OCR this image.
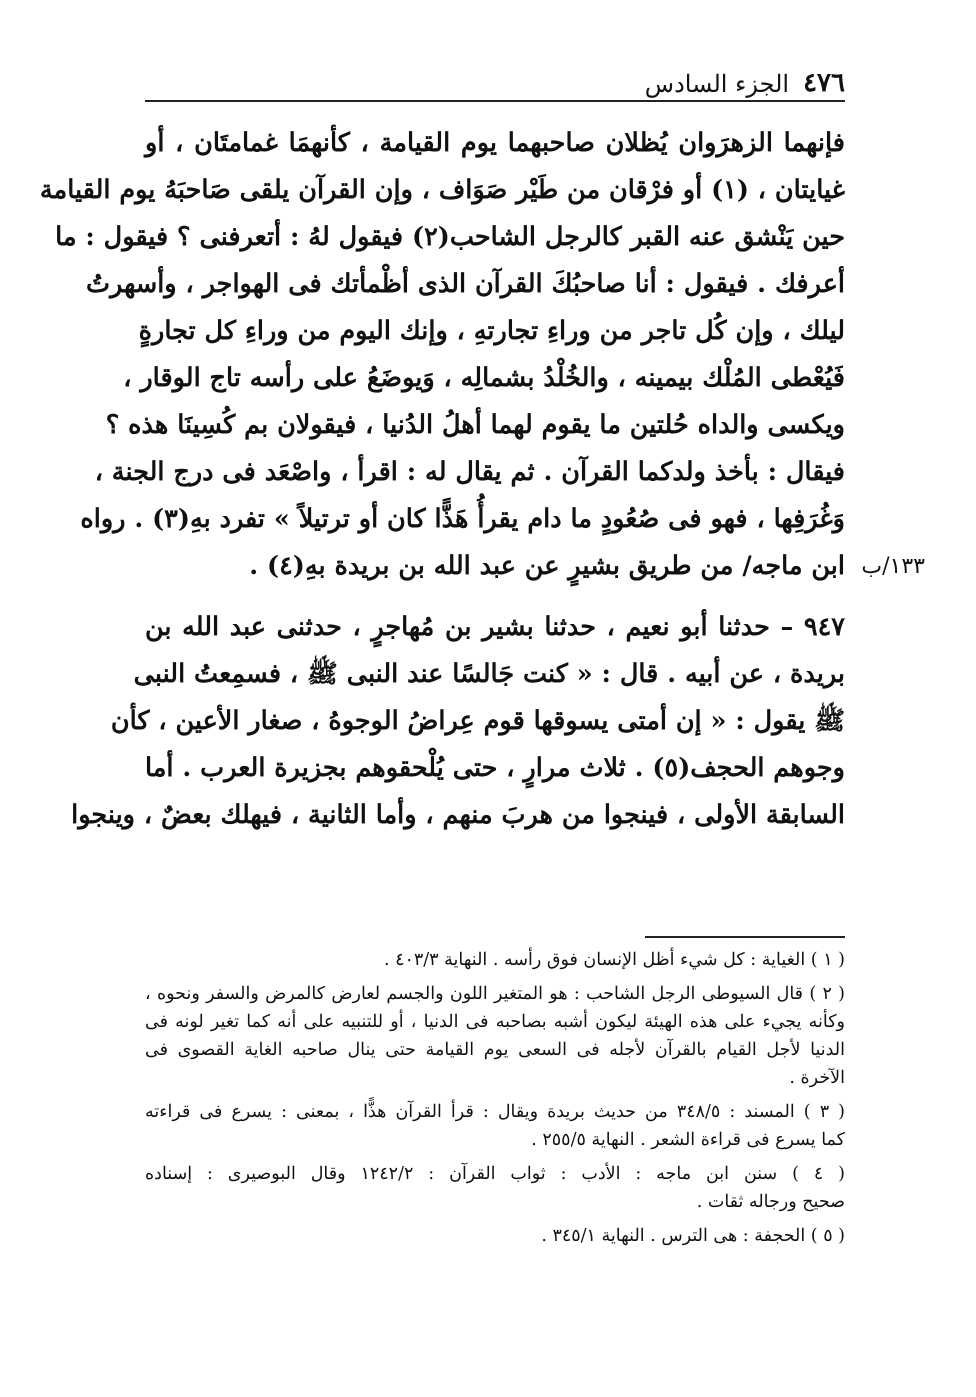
٤٧٦
الجزء السادس
فإنهما الزهرَوان يُظلان صاحبهما يوم القيامة ، كأنهمَا غمامتَان ، أو
غيايتان ، (١) أو فرْقان من طَيْر صَوَاف ، وإن القرآن يلقى صَاحبَهُ يوم القيامة
حين يَنْشق عنه القبر كالرجل الشاحب(٢) فيقول لهُ : أتعرفنى ؟ فيقول : ما
أعرفك . فيقول : أنا صاحبُكَ القرآن الذى أظْمأتك فى الهواجر ، وأسهرتُ
ليلك ، وإن كُل تاجر من وراءِ تجارتهِ ، وإنك اليوم من وراءِ كل تجارةٍ
فَيُعْطى المُلْك بيمينه ، والخُلْدُ بشمالِه ، وَيوضَعُ على رأسه تاج الوقار ،
ويكسى والداه حُلتين ما يقوم لهما أهلُ الدُنيا ، فيقولان بم كُسِينَا هذه ؟
فيقال : بأخذ ولدكما القرآن . ثم يقال له : اقرأ ، واصْعَد فى درج الجنة ،
وَغُرَفِها ، فهو فى صُعُودٍ ما دام يقرأُ هَذًّا كان أو ترتيلاً » تفرد بهِ(٣) . رواه
ابن ماجه/ من طريق بشيرٍ عن عبد الله بن بريدة بهِ(٤) . ١٣٣/ب
٩٤٧ – حدثنا أبو نعيم ، حدثنا بشير بن مُهاجرٍ ، حدثنى عبد الله بن
بريدة ، عن أبيه . قال : « كنت جَالسًا عند النبى ﷺ ، فسمِعتُ النبى
ﷺ يقول : « إن أمتى يسوقها قوم عِراضُ الوجوهُ ، صغار الأعين ، كأن
وجوهم الحجف(٥) . ثلاث مرارٍ ، حتى يُلْحقوهم بجزيرة العرب . أما
السابقة الأولى ، فينجوا من هربَ منهم ، وأما الثانية ، فيهلك بعضٌ ، وينجوا
( ١ ) الغياية : كل شيء أظل الإنسان فوق رأسه . النهاية ٤٠٣/٣ .
( ٢ ) قال السيوطى الرجل الشاحب : هو المتغير اللون والجسم لعارض كالمرض والسفر ونحوه ،
وكأنه يجيء على هذه الهيئة ليكون أشبه بصاحبه فى الدنيا ، أو للتنبيه على أنه كما تغير لونه فى
الدنيا لأجل القيام بالقرآن لأجله فى السعى يوم القيامة حتى ينال صاحبه الغاية القصوى فى
الآخرة .
( ٣ ) المسند : ٣٤٨/٥ من حديث بريدة ويقال : قرأ القرآن هذًّا ، بمعنى : يسرع فى قراءته
كما يسرع فى قراءة الشعر . النهاية ٢٥٥/٥ .
( ٤ ) سنن ابن ماجه : الأدب : ثواب القرآن : ١٢٤٢/٢ وقال البوصيرى : إسناده
صحيح ورجاله ثقات .
( ٥ ) الحجفة : هى الترس . النهاية ٣٤٥/١ .
